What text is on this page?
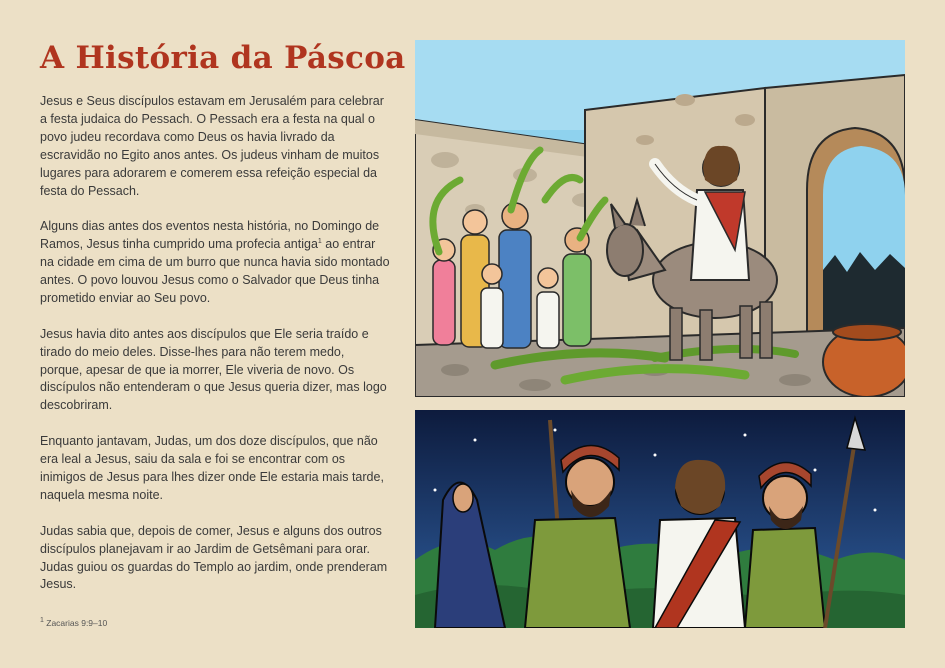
A História da Páscoa

Jesus e Seus discípulos estavam em Jerusalém para celebrar a festa judaica do Pessach. O Pessach era a festa na qual o povo judeu recordava como Deus os havia livrado da escravidão no Egito anos antes. Os judeus vinham de muitos lugares para adorarem e comerem essa refeição especial da festa do Pessach.

Alguns dias antes dos eventos nesta história, no Domingo de Ramos, Jesus tinha cumprido uma profecia antiga$^1$ ao entrar na cidade em cima de um burro que nunca havia sido montado antes. O povo louvou Jesus como o Salvador que Deus tinha prometido enviar ao Seu povo.

Jesus havia dito antes aos discípulos que Ele seria traído e tirado do meio deles. Disse-lhes para não terem medo, porque, apesar de que ia morrer, Ele viveria de novo. Os discípulos não entenderam o que Jesus queria dizer, mas logo descobriram.

Enquanto jantavam, Judas, um dos doze discípulos, que não era leal a Jesus, saiu da sala e foi se encontrar com os inimigos de Jesus para lhes dizer onde Ele estaria mais tarde, naquela mesma noite.

Judas sabia que, depois de comer, Jesus e alguns dos outros discípulos planejavam ir ao Jardim de Getsêmani para orar. Judas guiou os guardas do Templo ao jardim, onde prenderam Jesus.

$^1$ Zacarias 9:9–10
